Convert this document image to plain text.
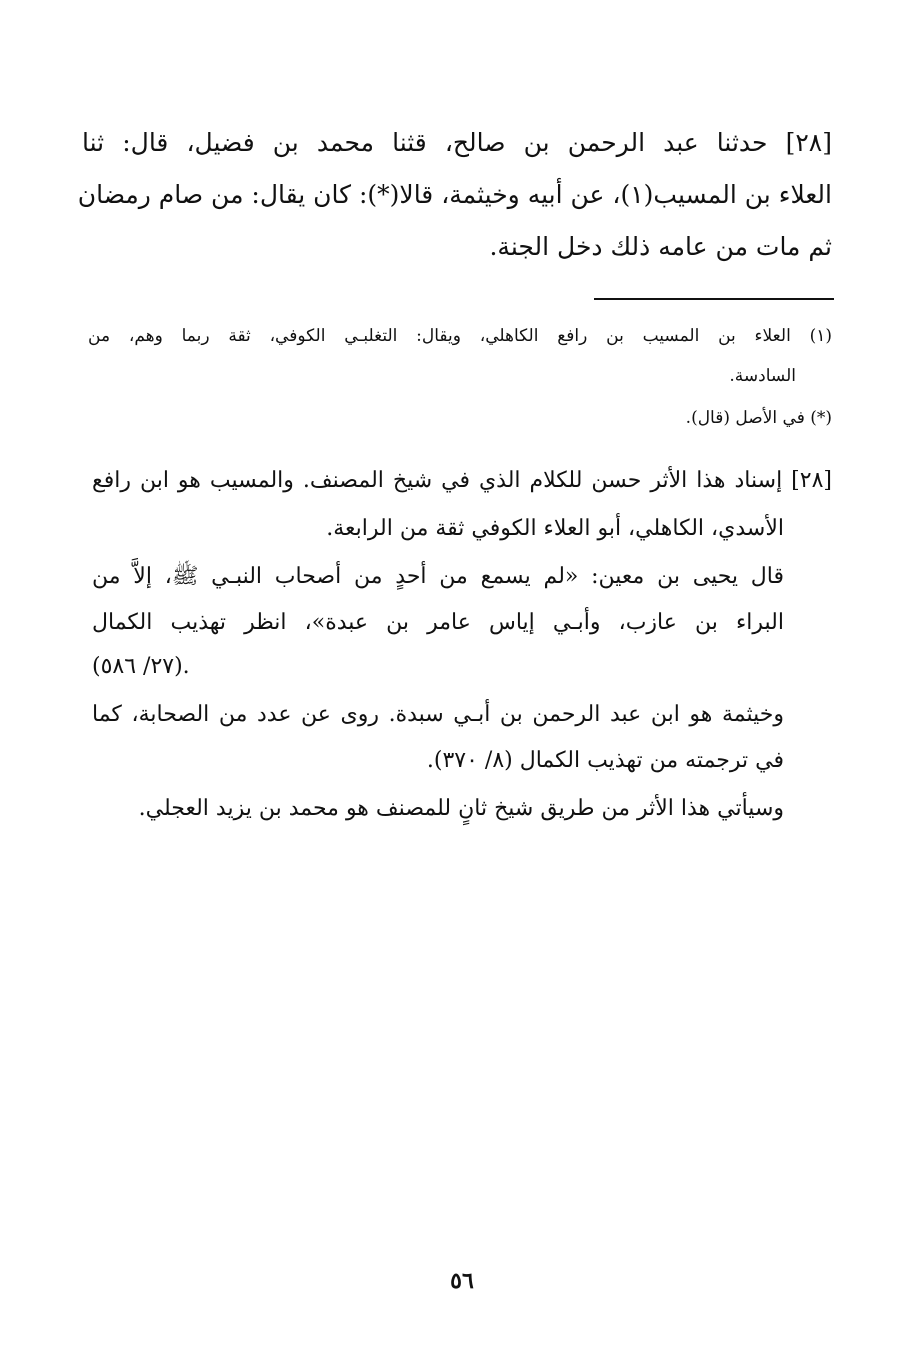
[٢٨] حدثنا عبد الرحمن بن صالح، قثنا محمد بن فضيل، قال: ثنا
العلاء بن المسيب(١)، عن أبيه وخيثمة، قالا(*): كان يقال: من صام رمضان
ثم مات من عامه ذلك دخل الجنة.
(١) العلاء بن المسيب بن رافع الكاهلي، ويقال: التغلبـي الكوفي، ثقة ربما وهم، من
السادسة.
(*) في الأصل (قال).
[٢٨] إسناد هذا الأثر حسن للكلام الذي في شيخ المصنف. والمسيب هو ابن رافع
الأسدي، الكاهلي، أبو العلاء الكوفي ثقة من الرابعة.
قال يحيى بن معين: «لم يسمع من أحدٍ من أصحاب النبـي ﷺ، إلاَّ من
البراء بن عازب، وأبـي إياس عامر بن عبدة»، انظر تهذيب الكمال
(٢٧/ ٥٨٦).
وخيثمة هو ابن عبد الرحمن بن أبـي سبدة. روى عن عدد من الصحابة، كما
في ترجمته من تهذيب الكمال (٨/ ٣٧٠).
وسيأتي هذا الأثر من طريق شيخ ثانٍ للمصنف هو محمد بن يزيد العجلي.
٥٦
